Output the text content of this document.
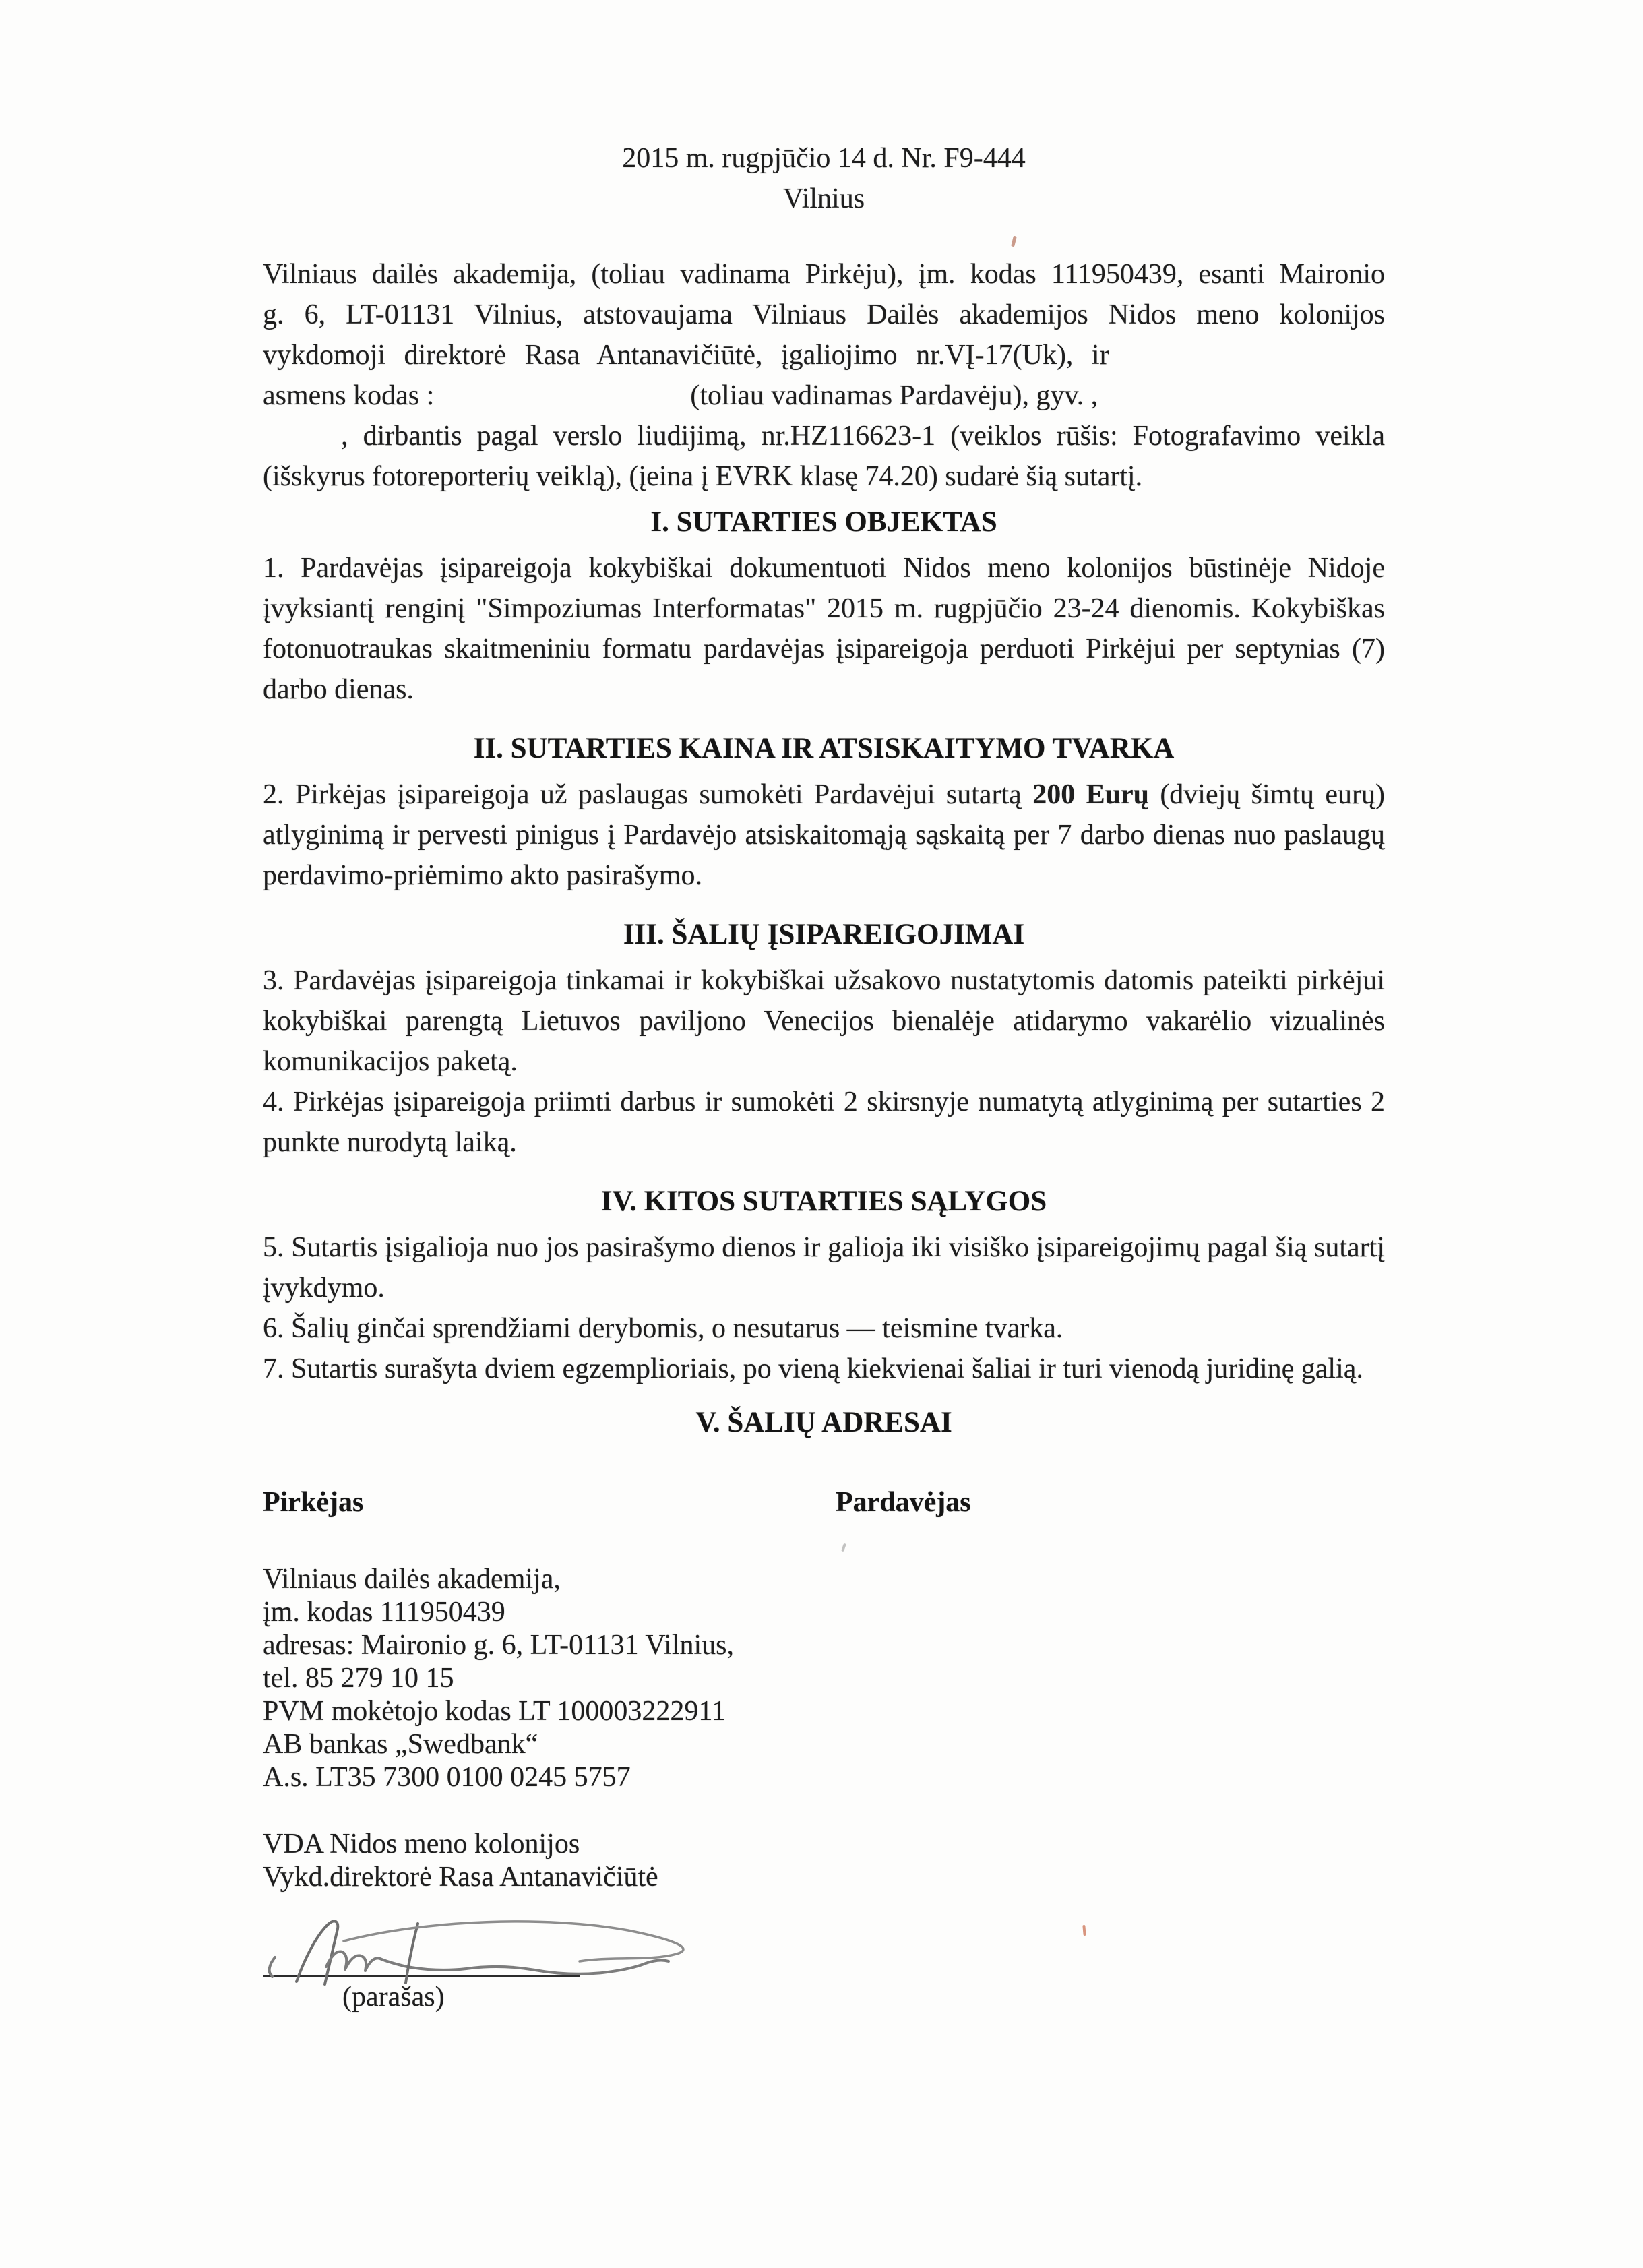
2015 m. rugpjūčio 14 d. Nr. F9-444
Vilnius
Vilniaus dailės akademija, (toliau vadinama Pirkėju), įm. kodas 111950439, esanti Maironio
g. 6, LT-01131 Vilnius, atstovaujama Vilniaus Dailės akademijos Nidos meno kolonijos
vykdomoji direktorė Rasa Antanavičiūtė, įgaliojimo nr.VĮ-17(Uk), ir
asmens kodas :	(toliau vadinamas Pardavėju), gyv. ,
, dirbantis pagal verslo liudijimą, nr.HZ116623-1 (veiklos rūšis: Fotografavimo veikla
(išskyrus fotoreporterių veiklą), (įeina į EVRK klasę 74.20) sudarė šią sutartį.
I. SUTARTIES OBJEKTAS

1. Pardavėjas įsipareigoja kokybiškai dokumentuoti Nidos meno kolonijos būstinėje Nidoje įvyksiantį renginį "Simpoziumas Interformatas" 2015 m. rugpjūčio 23-24 dienomis. Kokybiškas fotonuotraukas skaitmeniniu formatu pardavėjas įsipareigoja perduoti Pirkėjui per septynias (7) darbo dienas.

II. SUTARTIES KAINA IR ATSISKAITYMO TVARKA

2. Pirkėjas įsipareigoja už paslaugas sumokėti Pardavėjui sutartą 200 Eurų (dviejų šimtų eurų) atlyginimą ir pervesti pinigus į Pardavėjo atsiskaitomąją sąskaitą per 7 darbo dienas nuo paslaugų perdavimo-priėmimo akto pasirašymo.

III. ŠALIŲ ĮSIPAREIGOJIMAI

3. Pardavėjas įsipareigoja tinkamai ir kokybiškai užsakovo nustatytomis datomis pateikti pirkėjui kokybiškai parengtą Lietuvos paviljono Venecijos bienalėje atidarymo vakarėlio vizualinės komunikacijos paketą.

4. Pirkėjas įsipareigoja priimti darbus ir sumokėti 2 skirsnyje numatytą atlyginimą per sutarties 2 punkte nurodytą laiką.

IV. KITOS SUTARTIES SĄLYGOS

5. Sutartis įsigalioja nuo jos pasirašymo dienos ir galioja iki visiško įsipareigojimų pagal šią sutartį įvykdymo.

6. Šalių ginčai sprendžiami derybomis, o nesutarus — teismine tvarka.

7. Sutartis surašyta dviem egzemplioriais, po vieną kiekvienai šaliai ir turi vienodą juridinę galią.

V. ŠALIŲ ADRESAI
Pirkėjas	Pardavėjas
Vilniaus dailės akademija,
įm. kodas 111950439
adresas: Maironio g. 6, LT-01131 Vilnius,
tel. 85 279 10 15
PVM mokėtojo kodas LT 100003222911
AB bankas „Swedbank“
A.s. LT35 7300 0100 0245 5757
VDA Nidos meno kolonijos
Vykd.direktorė Rasa Antanavičiūtė
(parašas)
